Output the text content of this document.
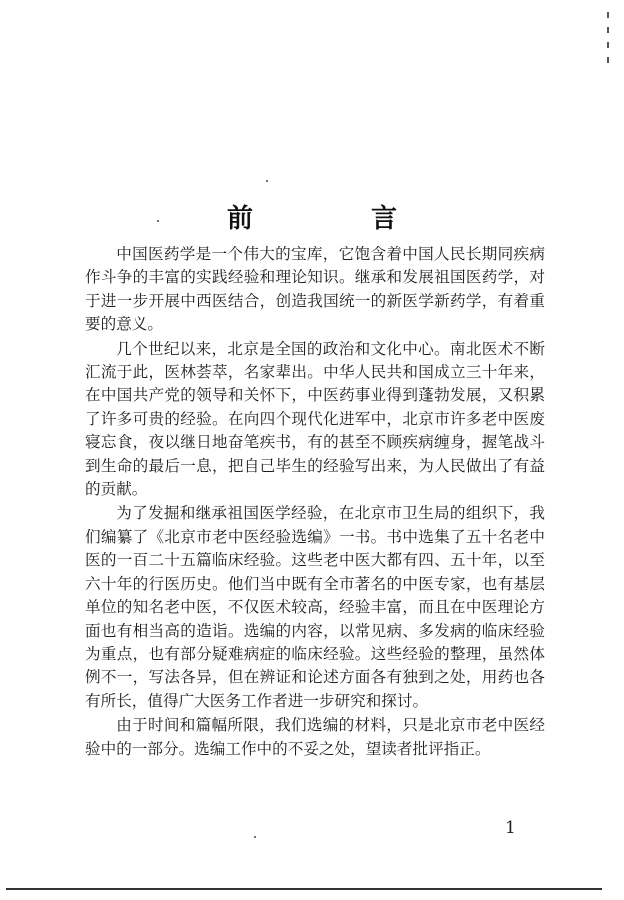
前　言

中国医药学是一个伟大的宝库，它饱含着中国人民长期同疾病作斗争的丰富的实践经验和理论知识。继承和发展祖国医药学，对于进一步开展中西医结合，创造我国统一的新医学新药学，有着重要的意义。

几个世纪以来，北京是全国的政治和文化中心。南北医术不断汇流于此，医林荟萃，名家辈出。中华人民共和国成立三十年来，在中国共产党的领导和关怀下，中医药事业得到蓬勃发展，又积累了许多可贵的经验。在向四个现代化进军中，北京市许多老中医废寝忘食，夜以继日地奋笔疾书，有的甚至不顾疾病缠身，握笔战斗到生命的最后一息，把自己毕生的经验写出来，为人民做出了有益的贡献。

为了发掘和继承祖国医学经验，在北京市卫生局的组织下，我们编纂了《北京市老中医经验选编》一书。书中选集了五十名老中医的一百二十五篇临床经验。这些老中医大都有四、五十年，以至六十年的行医历史。他们当中既有全市著名的中医专家，也有基层单位的知名老中医，不仅医术较高，经验丰富，而且在中医理论方面也有相当高的造诣。选编的内容，以常见病、多发病的临床经验为重点，也有部分疑难病症的临床经验。这些经验的整理，虽然体例不一，写法各异，但在辨证和论述方面各有独到之处，用药也各有所长，值得广大医务工作者进一步研究和探讨。

由于时间和篇幅所限，我们选编的材料，只是北京市老中医经验中的一部分。选编工作中的不妥之处，望读者批评指正。

1
